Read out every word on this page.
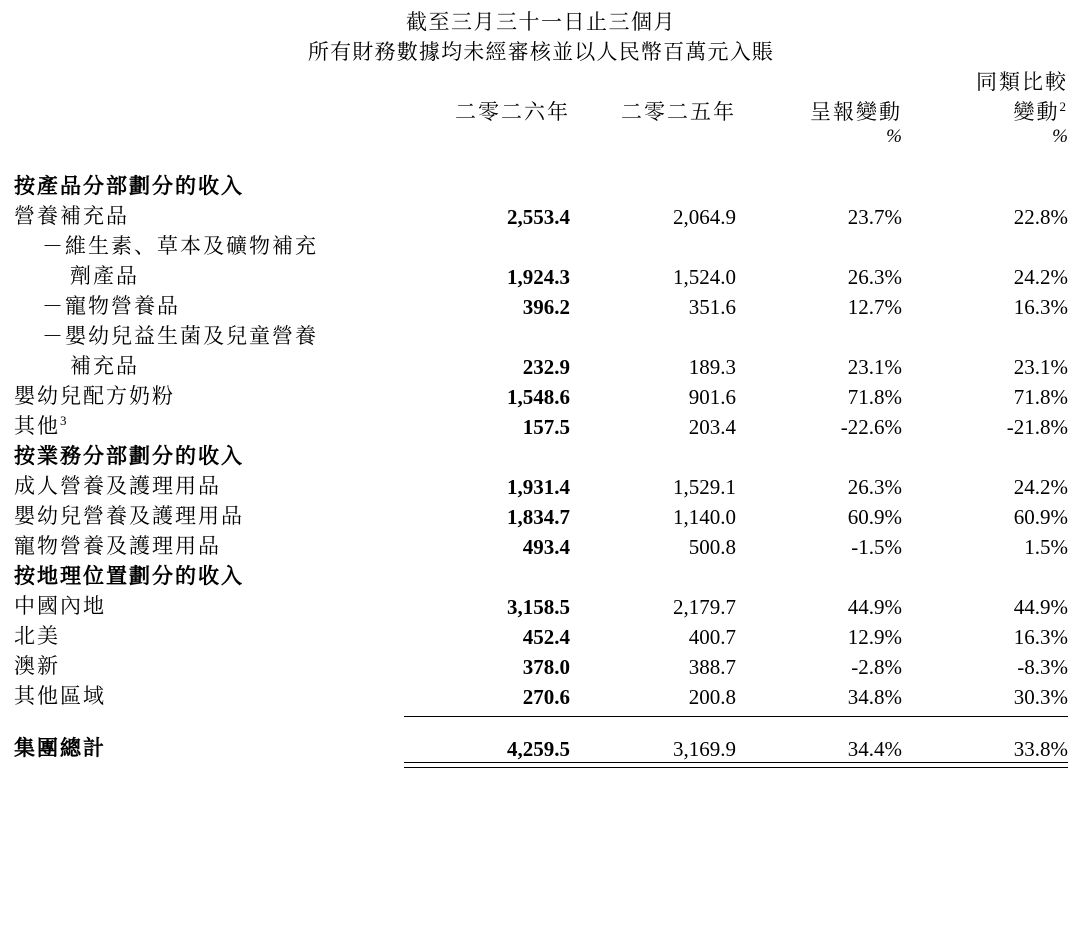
截至三月三十一日止三個月				
所有財務數據均未經審核並以人民幣百萬元入賬				
				同類比較
	二零二六年	二零二五年	呈報變動	變動$^2$
			%	%

按產品分部劃分的收入				
營養補充品	2,553.4	2,064.9	23.7%	22.8%
－維生素、草本及礦物補充				
劑產品	1,924.3	1,524.0	26.3%	24.2%
－寵物營養品	396.2	351.6	12.7%	16.3%
－嬰幼兒益生菌及兒童營養				
補充品	232.9	189.3	23.1%	23.1%
嬰幼兒配方奶粉	1,548.6	901.6	71.8%	71.8%
其他$^3$	157.5	203.4	-22.6%	-21.8%
按業務分部劃分的收入				
成人營養及護理用品	1,931.4	1,529.1	26.3%	24.2%
嬰幼兒營養及護理用品	1,834.7	1,140.0	60.9%	60.9%
寵物營養及護理用品	493.4	500.8	-1.5%	1.5%
按地理位置劃分的收入				
中國內地	3,158.5	2,179.7	44.9%	44.9%
北美	452.4	400.7	12.9%	16.3%
澳新	378.0	388.7	-2.8%	-8.3%
其他區域	270.6	200.8	34.8%	30.3%

集團總計	4,259.5	3,169.9	34.4%	33.8%
